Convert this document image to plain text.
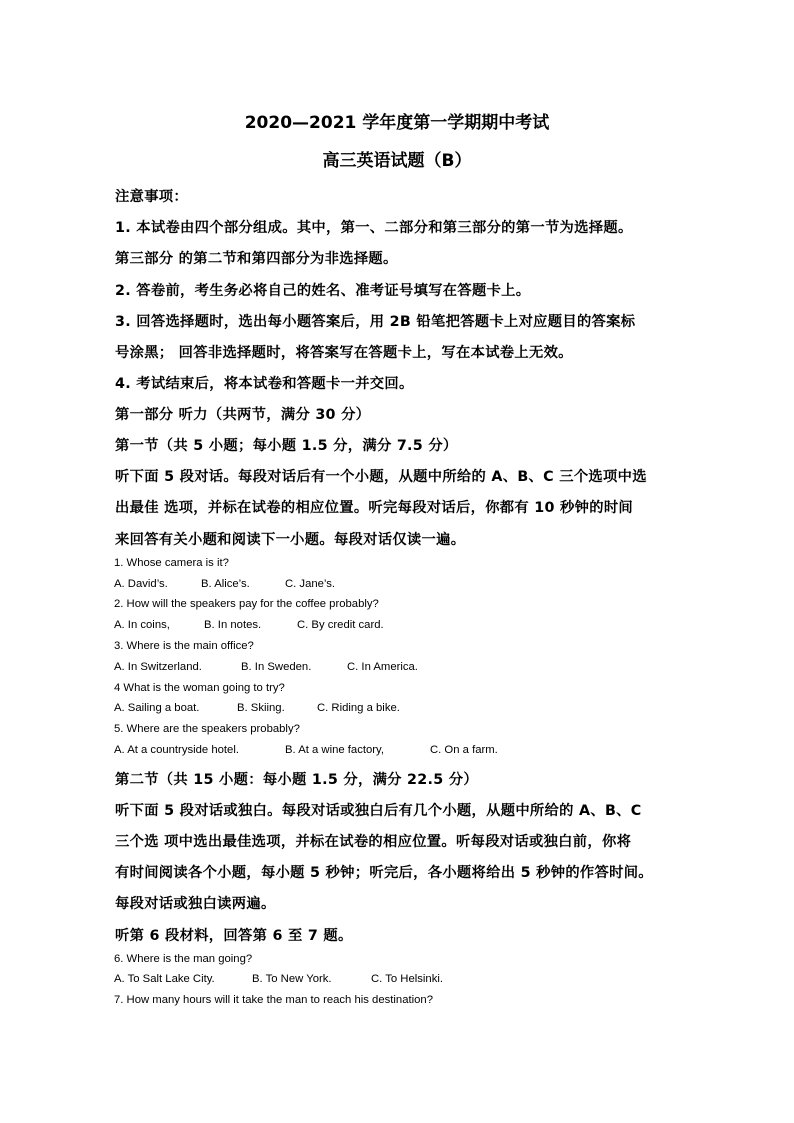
2020—2021 学年度第一学期期中考试
高三英语试题（B）
注意事项：
1. 本试卷由四个部分组成。其中，第一、二部分和第三部分的第一节为选择题。
第三部分 的第二节和第四部分为非选择题。
2. 答卷前，考生务必将自己的姓名、准考证号填写在答题卡上。
3. 回答选择题时，选出每小题答案后，用 2B 铅笔把答题卡上对应题目的答案标
号涂黑； 回答非选择题时，将答案写在答题卡上，写在本试卷上无效。
4. 考试结束后，将本试卷和答题卡一并交回。
第一部分 听力（共两节，满分 30 分）
第一节（共 5 小题；每小题 1.5 分，满分 7.5 分）
听下面 5 段对话。每段对话后有一个小题，从题中所给的 A、B、C 三个选项中选
出最佳 选项，并标在试卷的相应位置。听完每段对话后，你都有 10 秒钟的时间
来回答有关小题和阅读下一小题。每段对话仅读一遍。
1. Whose camera is it?
A. David’s.	B. Alice’s.	C. Jane’s.
2. How will the speakers pay for the coffee probably?
A. In coins,	B. In notes.	C. By credit card.
3. Where is the main office?
A. In Switzerland.	B. In Sweden.	C. In America.
4 What is the woman going to try?
A. Sailing a boat.	B. Skiing.	C. Riding a bike.
5. Where are the speakers probably?
A. At a countryside hotel.	B. At a wine factory,	C. On a farm.
第二节（共 15 小题：每小题 1.5 分，满分 22.5 分）
听下面 5 段对话或独白。每段对话或独白后有几个小题，从题中所给的 A、B、C
三个选 项中选出最佳选项，并标在试卷的相应位置。听每段对话或独白前，你将
有时间阅读各个小题，每小题 5 秒钟；听完后，各小题将给出 5 秒钟的作答时间。
每段对话或独白读两遍。
听第 6 段材料，回答第 6 至 7 题。
6. Where is the man going?
A. To Salt Lake City.	B. To New York.	C. To Helsinki.
7. How many hours will it take the man to reach his destination?
